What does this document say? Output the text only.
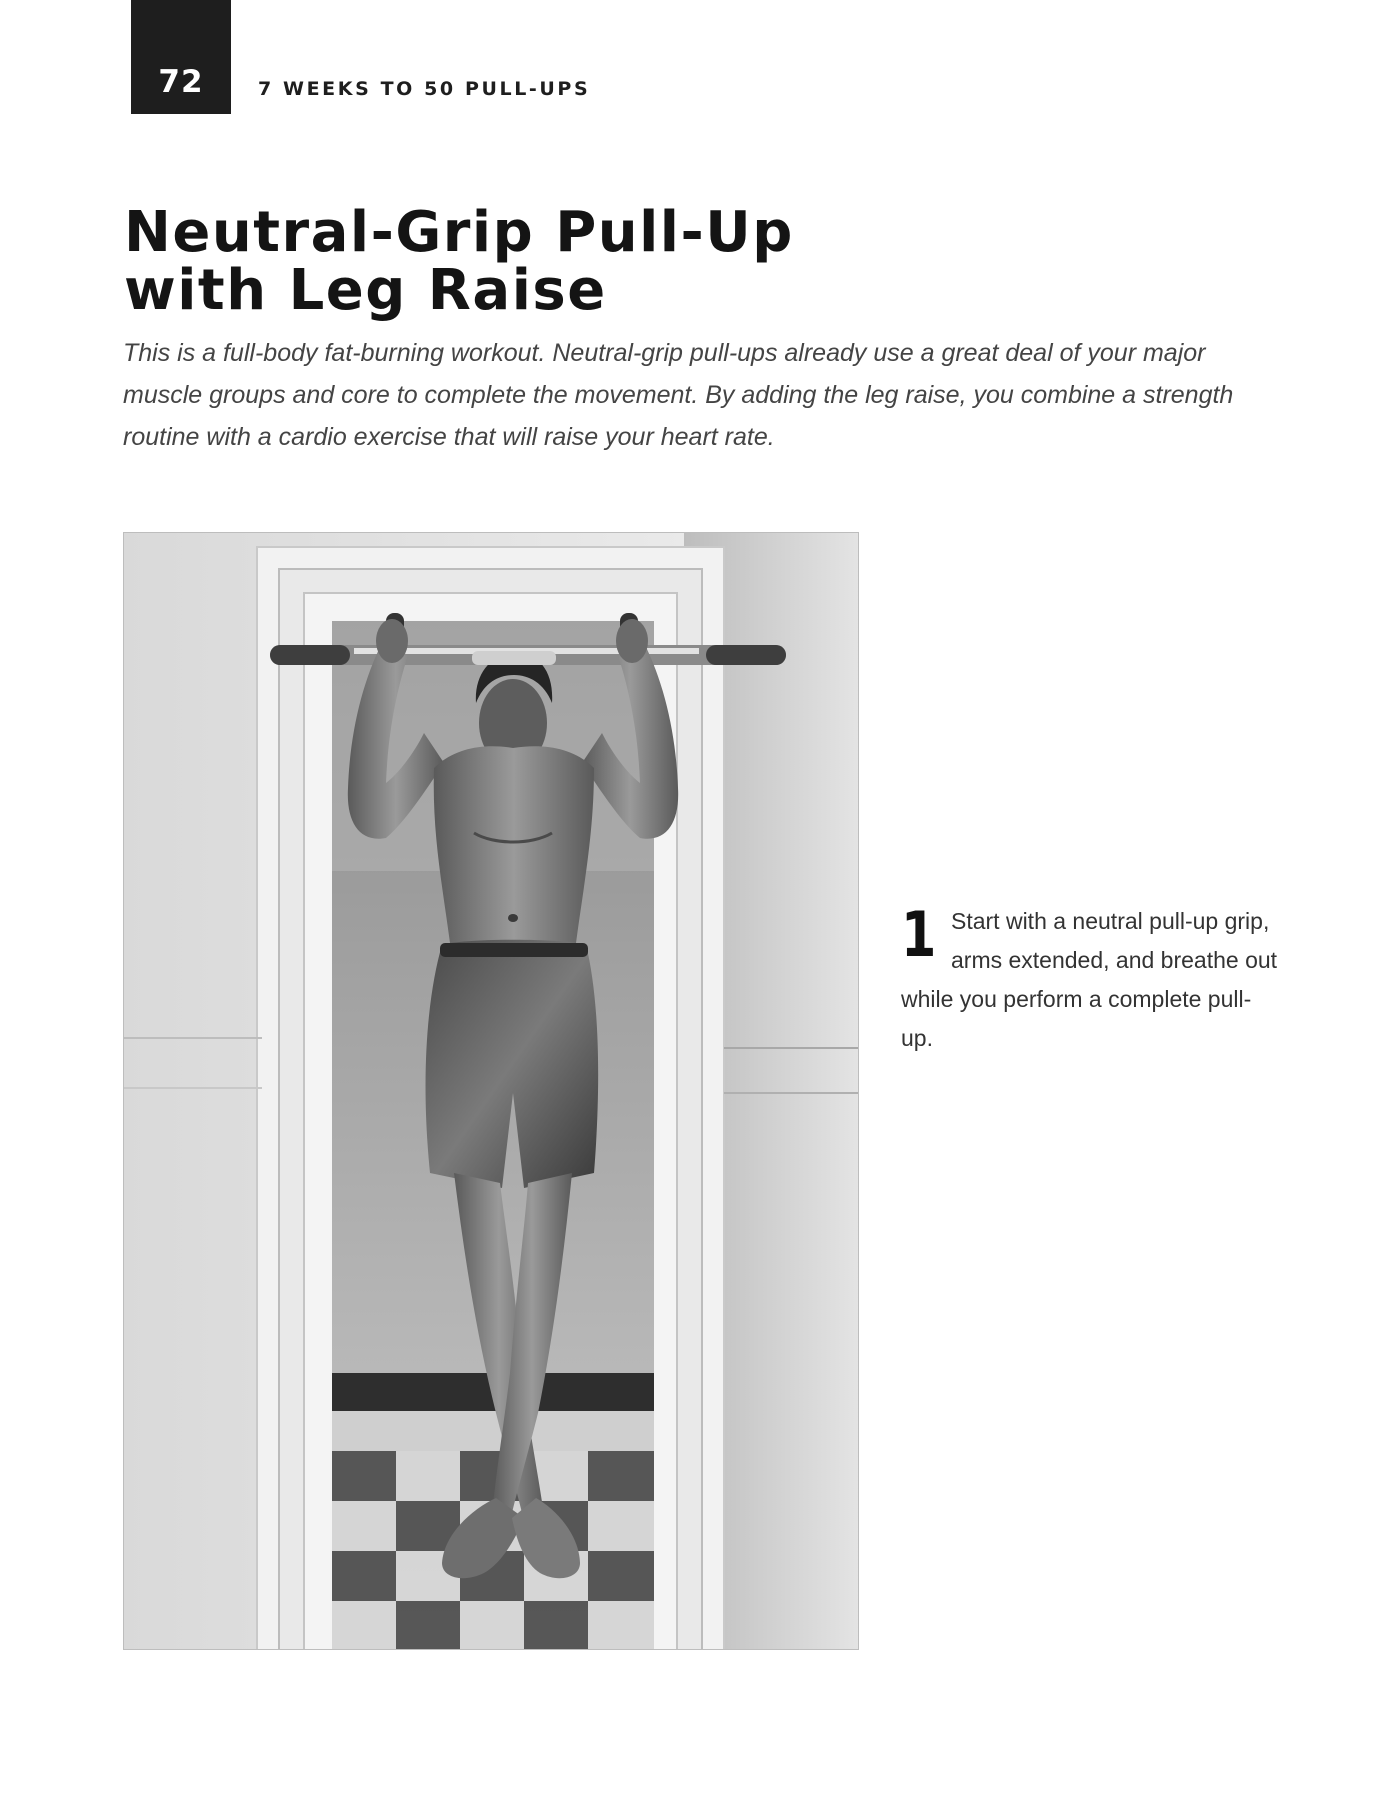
72	7 WEEKS TO 50 PULL-UPS
Neutral-Grip Pull-Up
with Leg Raise

This is a full-body fat-burning workout. Neutral-grip pull-ups already use a great deal of your major muscle groups and core to complete the movement. By adding the leg raise, you combine a strength routine with a cardio exercise that will raise your heart rate.

1 Start with a neutral pull-up grip, arms extended, and breathe out while you perform a complete pull-up.
